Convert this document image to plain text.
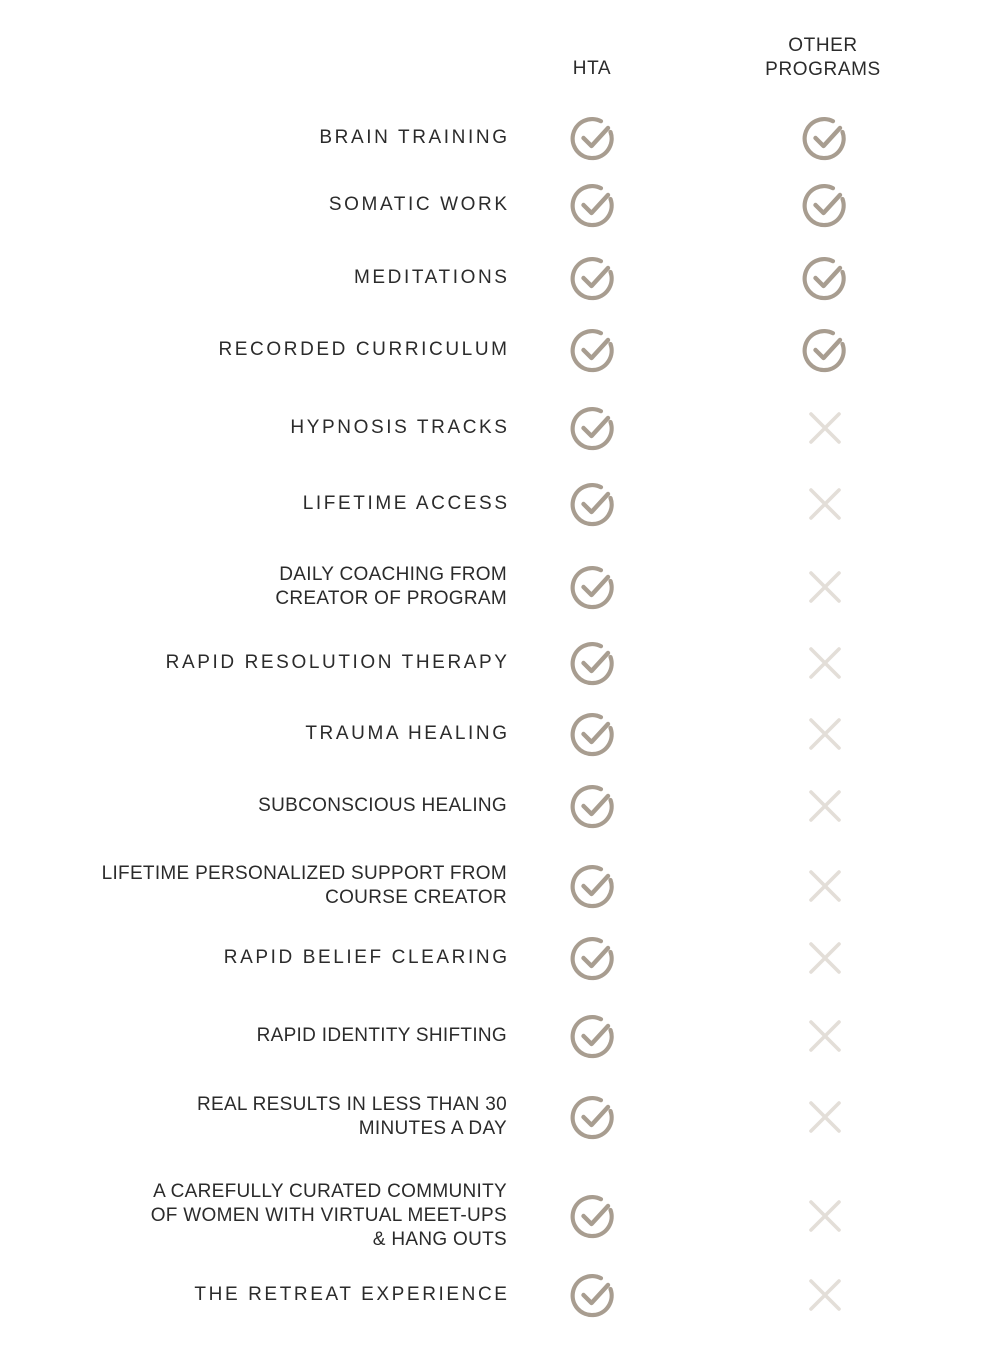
HTA
OTHER
PROGRAMS
BRAIN TRAINING
SOMATIC WORK
MEDITATIONS
RECORDED CURRICULUM
HYPNOSIS TRACKS
LIFETIME ACCESS
DAILY COACHING FROM
CREATOR OF PROGRAM
RAPID RESOLUTION THERAPY
TRAUMA HEALING
SUBCONSCIOUS HEALING
LIFETIME PERSONALIZED SUPPORT FROM
COURSE CREATOR
RAPID BELIEF CLEARING
RAPID IDENTITY SHIFTING
REAL RESULTS IN LESS THAN 30
MINUTES A DAY
A CAREFULLY CURATED COMMUNITY
OF WOMEN WITH VIRTUAL MEET-UPS
& HANG OUTS
THE RETREAT EXPERIENCE
